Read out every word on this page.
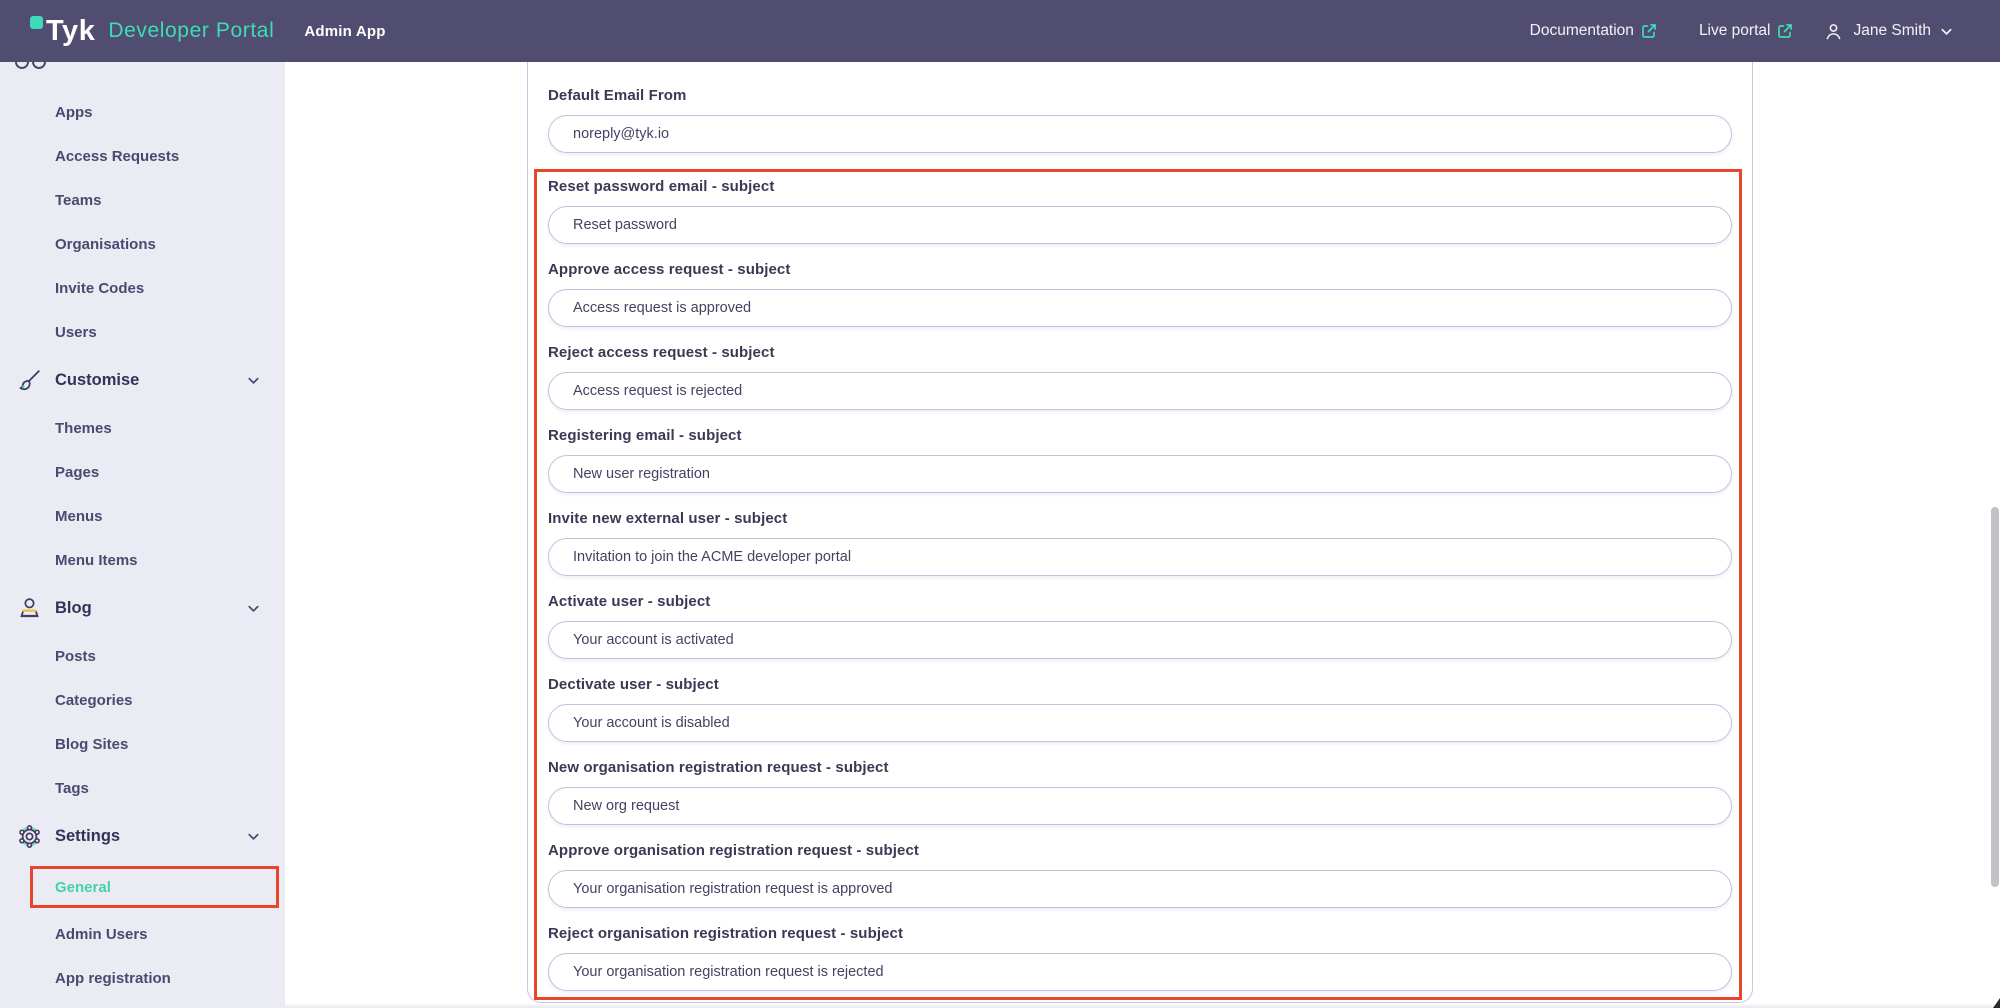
Tyk Developer Portal Admin App	Documentation	Live portal	Jane Smith
Apps
Access Requests
Teams
Organisations
Invite Codes
Users
Customise
Themes
Pages
Menus
Menu Items
Blog
Posts
Categories
Blog Sites
Tags
Settings
General
Admin Users
App registration
Default Email From
noreply@tyk.io
Reset password email - subject
Reset password
Approve access request - subject
Access request is approved
Reject access request - subject
Access request is rejected
Registering email - subject
New user registration
Invite new external user - subject
Invitation to join the ACME developer portal
Activate user - subject
Your account is activated
Dectivate user - subject
Your account is disabled
New organisation registration request - subject
New org request
Approve organisation registration request - subject
Your organisation registration request is approved
Reject organisation registration request - subject
Your organisation registration request is rejected
